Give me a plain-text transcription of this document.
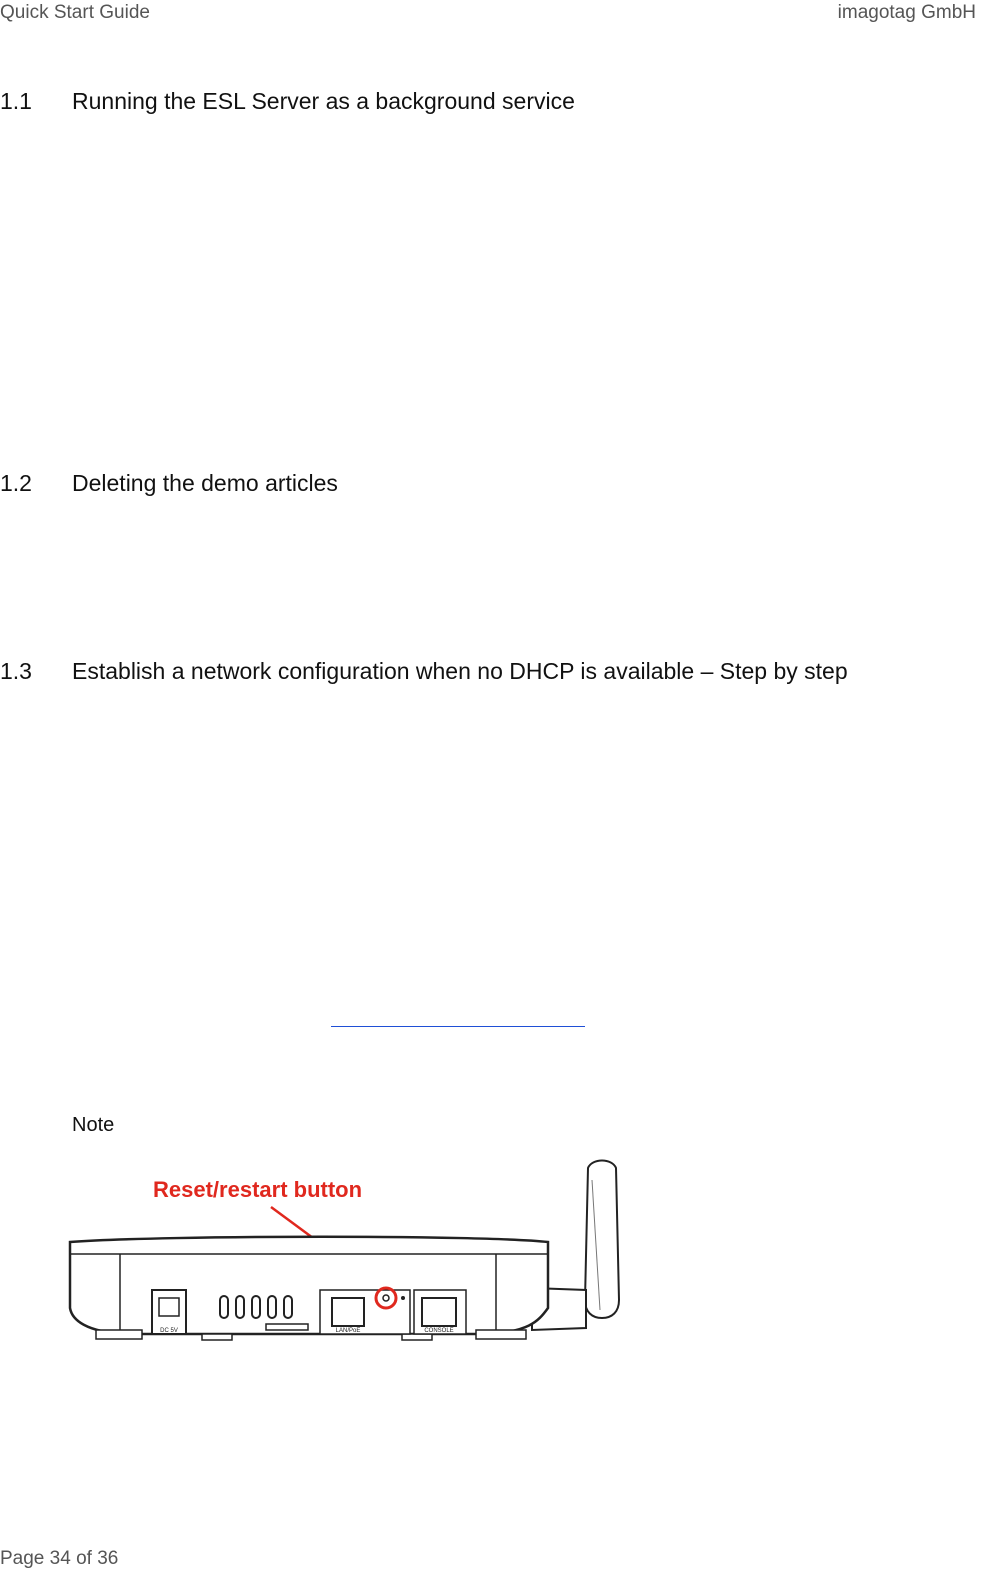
Quick Start Guide	imagotag GmbH
1.1 Running the ESL Server as a background service
1.2 Deleting the demo articles
1.3 Establish a network configuration when no DHCP is available – Step by step
Note
Reset/restart button
DC 5V	LAN/PoE	CONSOLE
Page 34 of 36
